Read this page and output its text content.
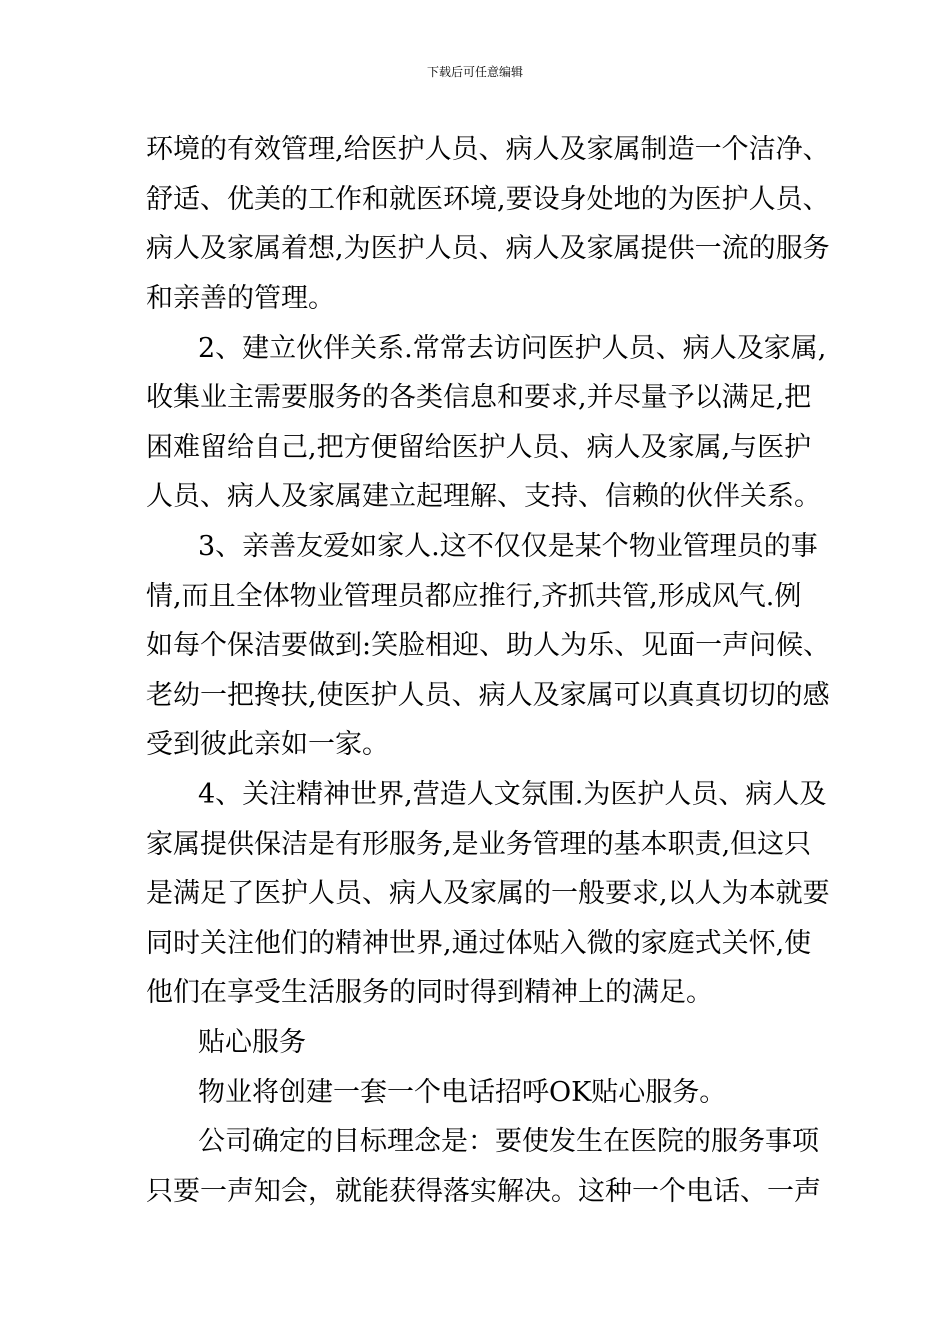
下载后可任意编辑
环境的有效管理,给医护人员、病人及家属制造一个洁净、
舒适、优美的工作和就医环境,要设身处地的为医护人员、
病人及家属着想,为医护人员、病人及家属提供一流的服务
和亲善的管理。
2、建立伙伴关系.常常去访问医护人员、病人及家属,
收集业主需要服务的各类信息和要求,并尽量予以满足,把
困难留给自己,把方便留给医护人员、病人及家属,与医护
人员、病人及家属建立起理解、支持、信赖的伙伴关系。
3、亲善友爱如家人.这不仅仅是某个物业管理员的事
情,而且全体物业管理员都应推行,齐抓共管,形成风气.例
如每个保洁要做到:笑脸相迎、助人为乐、见面一声问候、
老幼一把搀扶,使医护人员、病人及家属可以真真切切的感
受到彼此亲如一家。
4、关注精神世界,营造人文氛围.为医护人员、病人及
家属提供保洁是有形服务,是业务管理的基本职责,但这只
是满足了医护人员、病人及家属的一般要求,以人为本就要
同时关注他们的精神世界,通过体贴入微的家庭式关怀,使
他们在享受生活服务的同时得到精神上的满足。
贴心服务
物业将创建一套一个电话招呼OK贴心服务。
公司确定的目标理念是：要使发生在医院的服务事项
只要一声知会，就能获得落实解决。这种一个电话、一声
